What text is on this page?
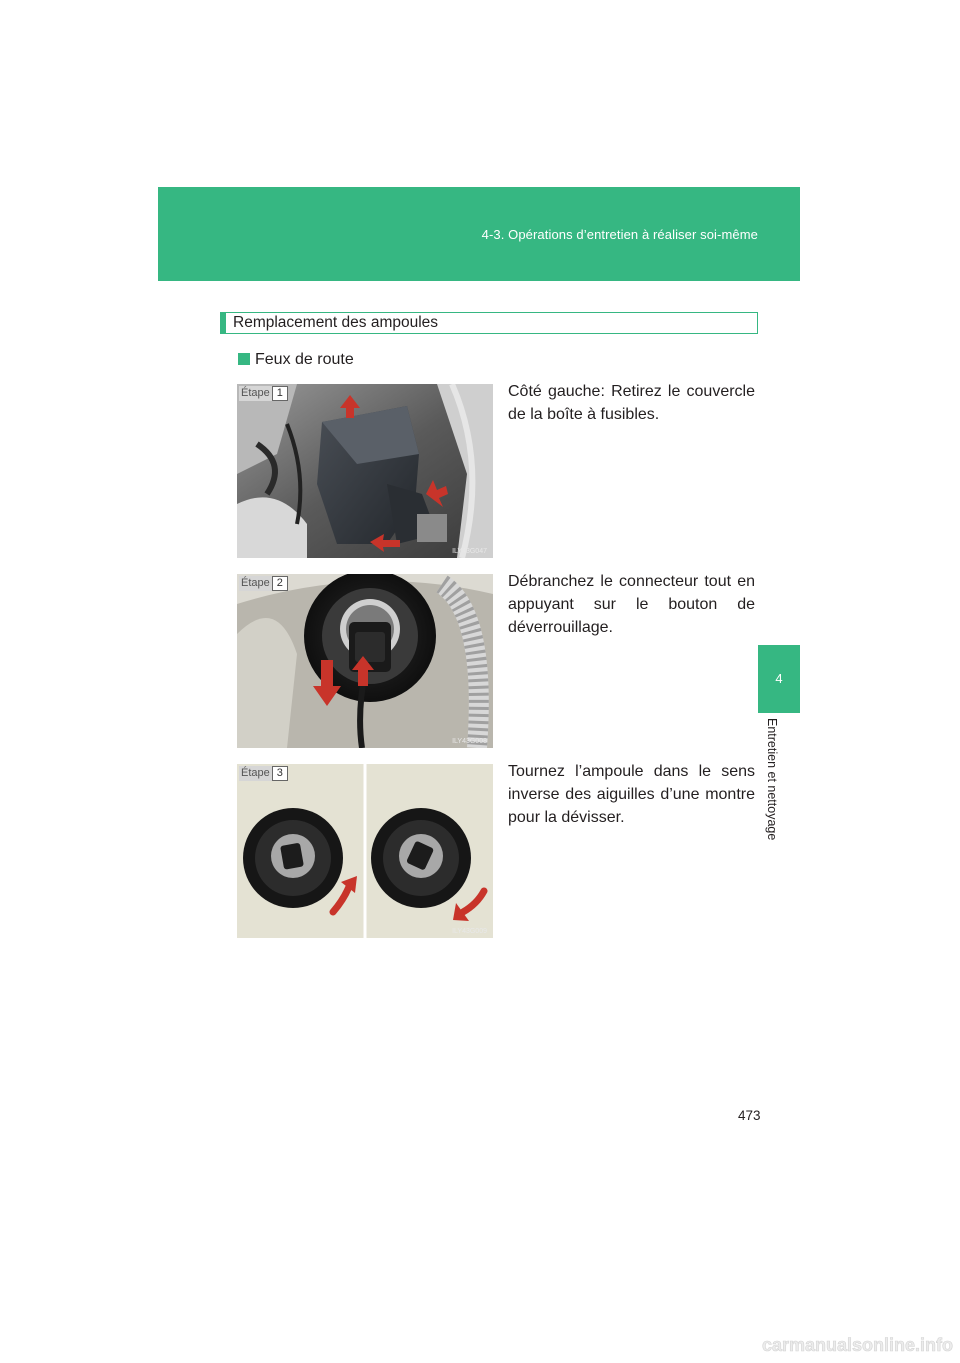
4-3. Opérations d’entretien à réaliser soi-même
4
Entretien et nettoyage
Remplacement des ampoules
Feux de route
Étape 1
ILY43G047
Côté gauche: Retirez le couvercle de la boîte à fusibles.
Étape 2
ILY43G008
Débranchez le connecteur tout en appuyant sur le bouton de déverrouillage.
Étape 3
ILY43G009
Tournez l’ampoule dans le sens inverse des aiguilles d’une montre pour la dévisser.
473
carmanualsonline.info
